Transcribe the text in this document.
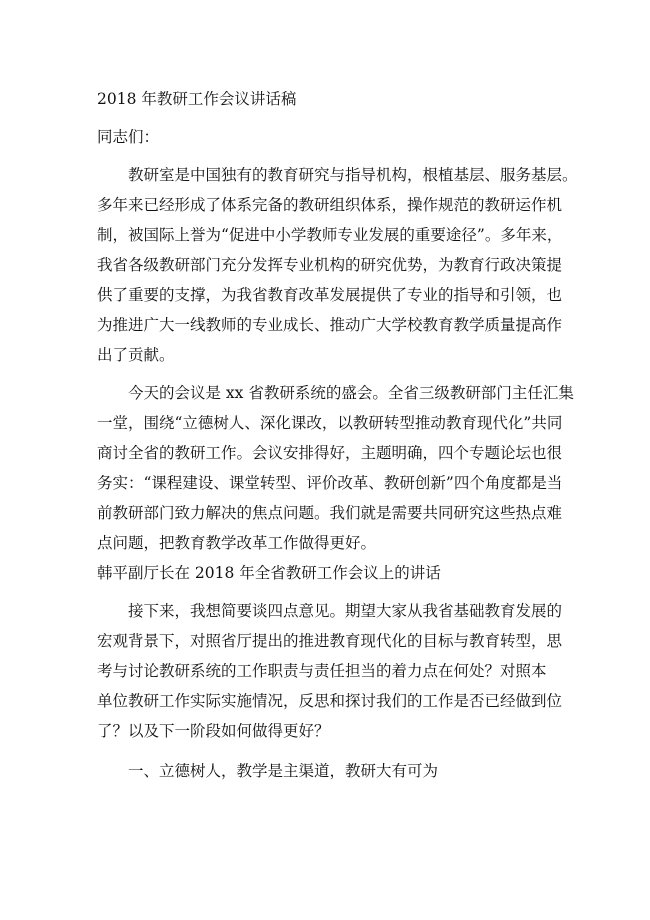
2018 年教研工作会议讲话稿

同志们：

教研室是中国独有的教育研究与指导机构，根植基层、服务基层。

多年来已经形成了体系完备的教研组织体系，操作规范的教研运作机

制，被国际上誉为“促进中小学教师专业发展的重要途径”。多年来，

我省各级教研部门充分发挥专业机构的研究优势，为教育行政决策提

供了重要的支撑，为我省教育改革发展提供了专业的指导和引领，也

为推进广大一线教师的专业成长、推动广大学校教育教学质量提高作

出了贡献。

今天的会议是 xx 省教研系统的盛会。全省三级教研部门主任汇集

一堂，围绕“立德树人、深化课改，以教研转型推动教育现代化”共同

商讨全省的教研工作。会议安排得好，主题明确，四个专题论坛也很

务实：“课程建设、课堂转型、评价改革、教研创新”四个角度都是当

前教研部门致力解决的焦点问题。我们就是需要共同研究这些热点难

点问题，把教育教学改革工作做得更好。

韩平副厅长在 2018 年全省教研工作会议上的讲话

接下来，我想简要谈四点意见。期望大家从我省基础教育发展的

宏观背景下，对照省厅提出的推进教育现代化的目标与教育转型，思

考与讨论教研系统的工作职责与责任担当的着力点在何处？对照本

单位教研工作实际实施情况，反思和探讨我们的工作是否已经做到位

了？以及下一阶段如何做得更好？

一、立德树人，教学是主渠道，教研大有可为
